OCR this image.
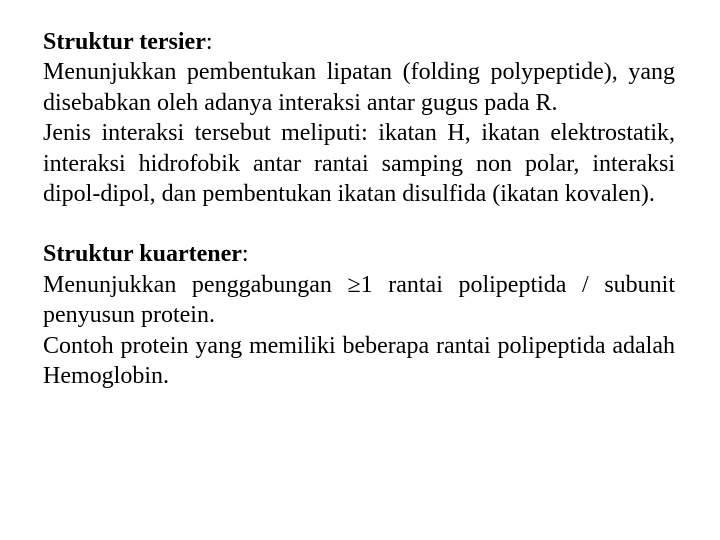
Struktur tersier:

Menunjukkan pembentukan lipatan (folding polypeptide), yang disebabkan oleh adanya interaksi antar gugus pada R.

Jenis interaksi tersebut meliputi: ikatan H, ikatan elektrostatik, interaksi hidrofobik antar rantai samping non polar, interaksi dipol-dipol, dan pembentukan ikatan disulfida (ikatan kovalen).

Struktur kuartener:

Menunjukkan penggabungan ≥1 rantai polipeptida / subunit penyusun protein.

Contoh protein yang memiliki beberapa rantai polipeptida adalah Hemoglobin.
